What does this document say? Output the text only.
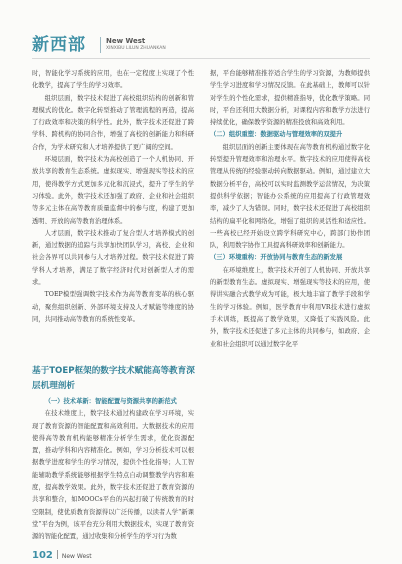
新西部	New West
XINXIBU LILUN ZHUANKAN

时，智能化学习系统的应用，也在一定程度上实现了个性化教学，提高了学生的学习效率。

组织层面，数字技术促进了高校组织结构的创新和管理模式的优化。数字化转型推动了管理流程的再造，提高了行政效率和决策的科学性。此外，数字技术还促进了跨学科、跨机构的协同合作，增强了高校的创新能力和科研合作，为学术研究和人才培养提供了更广阔的空间。

环境层面，数字技术为高校创造了一个人机协同、开放共享的教育生态系统。虚拟现实、增强现实等技术的应用，使得教学方式更加多元化和沉浸式，提升了学生的学习体验。此外，数字技术还加强了政府、企业和社会组织等多元主体在高等教育质量监督中的参与度，构建了更加透明、开放的高等教育治理体系。

人才层面，数字技术推动了复合型人才培养模式的创新，通过数据的追踪与共享加快团队学习，高校、企业和社会各界可以共同参与人才培养过程。数字技术促进了跨学科人才培养，满足了数字经济时代对创新型人才的需求。

TOEP模型强调数字技术作为高等教育变革的核心驱动，聚焦组织创新、外部环境支持及人才赋能等维度的协同，共同推动高等教育的系统性变革。

基于TOEP框架的数字技术赋能高等教育深层机理剖析

（一）技术革新：智能配置与资源共享的新范式

在技术维度上，数字技术通过构建政在学习环境，实现了教育资源的智能配置和高效利用。大数据技术的应用使得高等教育机构能够精准分析学生需求，优化资源配置，推动学科和内容精准化。例如，学习分析技术可以根据教学进度和学生的学习情况，提供个性化指导；人工智能辅助教学系统能够根据学生特点自动调整教学内容和难度，提高教学效果。此外，数字技术还促进了教育资源的共享和整合，如MOOCs平台的兴起打破了传统教育的时空限制，使优质教育资源得以广泛传播，以读者人学“新课堂”平台为例，该平台充分利用大数据技术，实现了教育资源的智能化配置，通过收集和分析学生的学习行为数

据，平台能够精准推荐适合学生的学习资源，为教师提供学生学习进度和学习情况反馈。在此基础上，教师可以针对学生的个性化需求，提供精准指导，优化教学策略。同时，平台还利用大数据分析，对课程内容和教学方法进行持续优化，确保教学资源的精准投放和高效利用。

（二）组织重塑：数据驱动与管理效率的双提升

组织层面的创新主要体现在高等教育机构通过数字化转型提升管理效率和治理水平。数字技术的应用使得高校管理从传统的经验驱动转向数据驱动。例如，通过建立大数据分析平台，高校可以实时监测教学运营情况，为决策提供科学依据；智能办公系统的应用提高了行政管理效率，减少了人为错误。同时，数字技术还促进了高校组织结构的扁平化和网络化，增强了组织的灵活性和适应性。一些高校已经开始设立跨学科研究中心，跨部门协作团队，利用数字协作工具提高科研效率和创新能力。

（三）环境重构：开放协同与教育生态的新发展

在环境维度上，数字技术开创了人机协同、开放共享的新型教育生态。虚拟现实、增强现实等技术的应用，使得讲实融合式教学成为可能，极大地丰富了教学手段和学生的学习体验。例如，医学教育中利用VR技术进行虚拟手术训练，既提高了教学效果，又降低了实践风险。此外，数字技术还促进了多元主体的共同参与，如政府、企业和社会组织可以通过数字化平

102 New West
